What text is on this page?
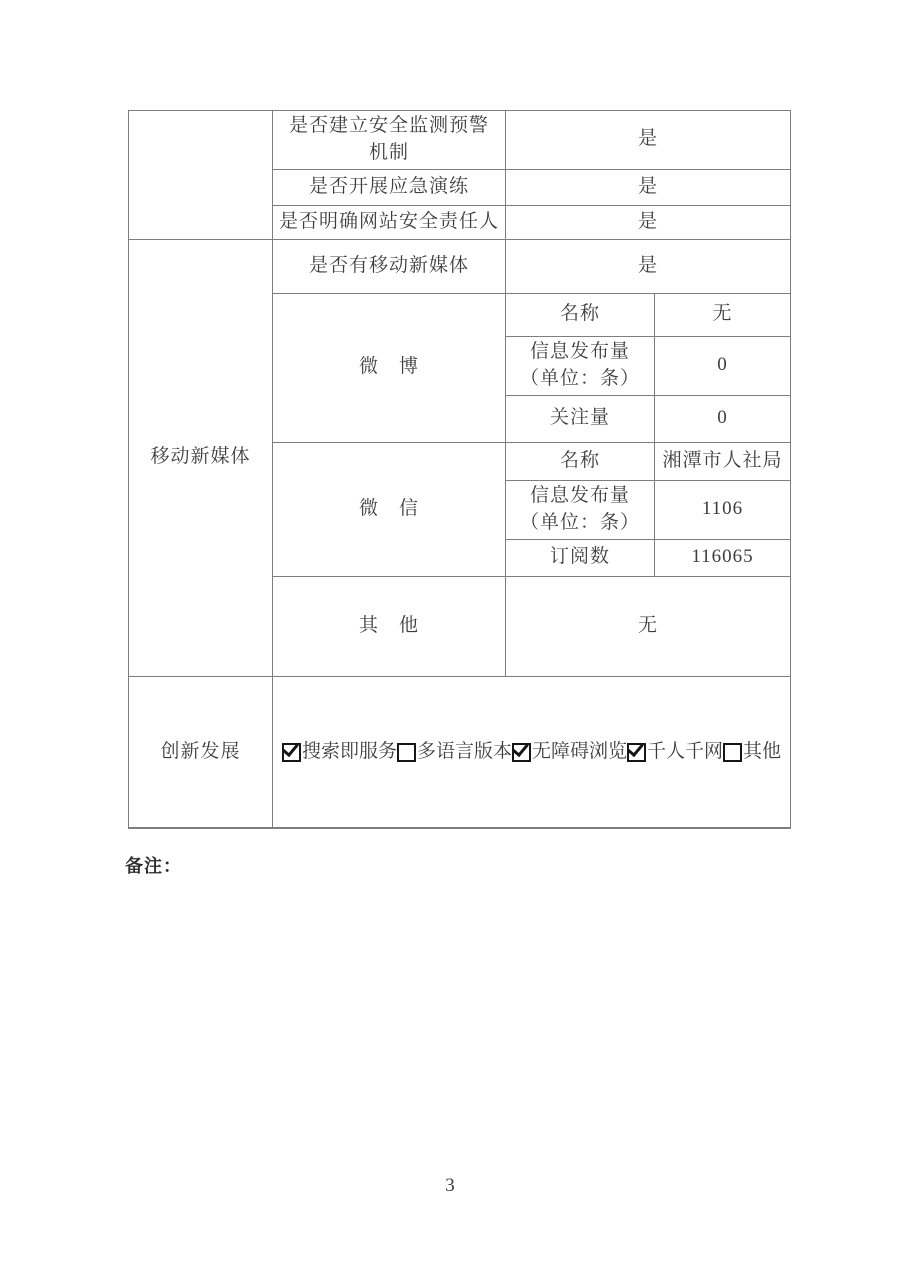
	是否建立安全监测预警
机制	是	
	是否开展应急演练	是	
	是否明确网站安全责任人	是	
移动新媒体	是否有移动新媒体	是	
	微　博	名称	无

		信息发布量
（单位：条）	0
		关注量	0
	微　信	名称	湘潭市人社局

		信息发布量
（单位：条）	1106
		订阅数	116065
	其　他	无	
创新发展	搜索即服务 多语言版本 无障碍浏览 千人千网 其他		
备注：
3
